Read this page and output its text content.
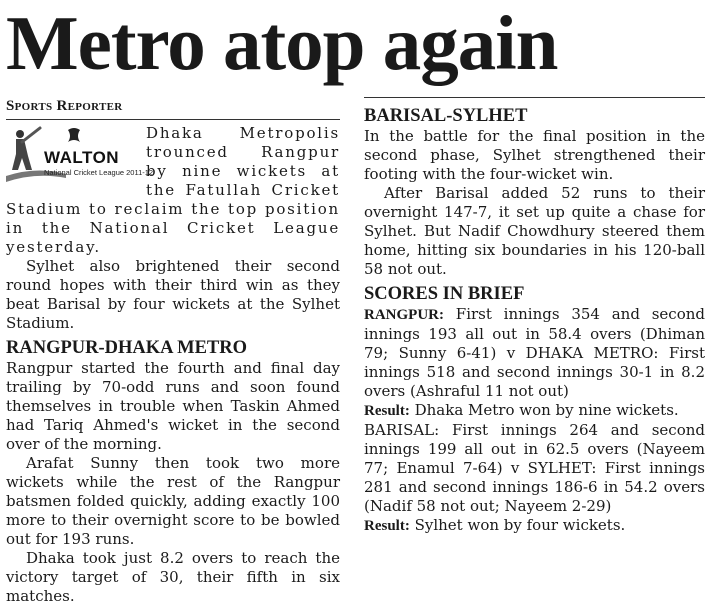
Metro atop again
Sports Reporter
WALTON
National Cricket League 2011-12

Dhaka Metropolis trounced Rangpur by nine wickets at the Fatullah Cricket Stadium to reclaim the top position in the National Cricket League yesterday.

Sylhet also brightened their second round hopes with their third win as they beat Barisal by four wickets at the Sylhet Stadium.

RANGPUR-DHAKA METRO

Rangpur started the fourth and final day trailing by 70-odd runs and soon found themselves in trouble when Taskin Ahmed had Tariq Ahmed's wicket in the second over of the morning.

Arafat Sunny then took two more wickets while the rest of the Rangpur batsmen folded quickly, adding exactly 100 more to their overnight score to be bowled out for 193 runs.

Dhaka took just 8.2 overs to reach the victory target of 30, their fifth in six matches.

BARISAL-SYLHET

In the battle for the final position in the second phase, Sylhet strengthened their footing with the four-wicket win.

After Barisal added 52 runs to their overnight 147-7, it set up quite a chase for Sylhet. But Nadif Chowdhury steered them home, hitting six boundaries in his 120-ball 58 not out.

SCORES IN BRIEF

RANGPUR: First innings 354 and second innings 193 all out in 58.4 overs (Dhiman 79; Sunny 6-41) v DHAKA METRO: First innings 518 and second innings 30-1 in 8.2 overs (Ashraful 11 not out)

Result: Dhaka Metro won by nine wickets.

BARISAL: First innings 264 and second innings 199 all out in 62.5 overs (Nayeem 77; Enamul 7-64) v SYLHET: First innings 281 and second innings 186-6 in 54.2 overs (Nadif 58 not out; Nayeem 2-29)

Result: Sylhet won by four wickets.
